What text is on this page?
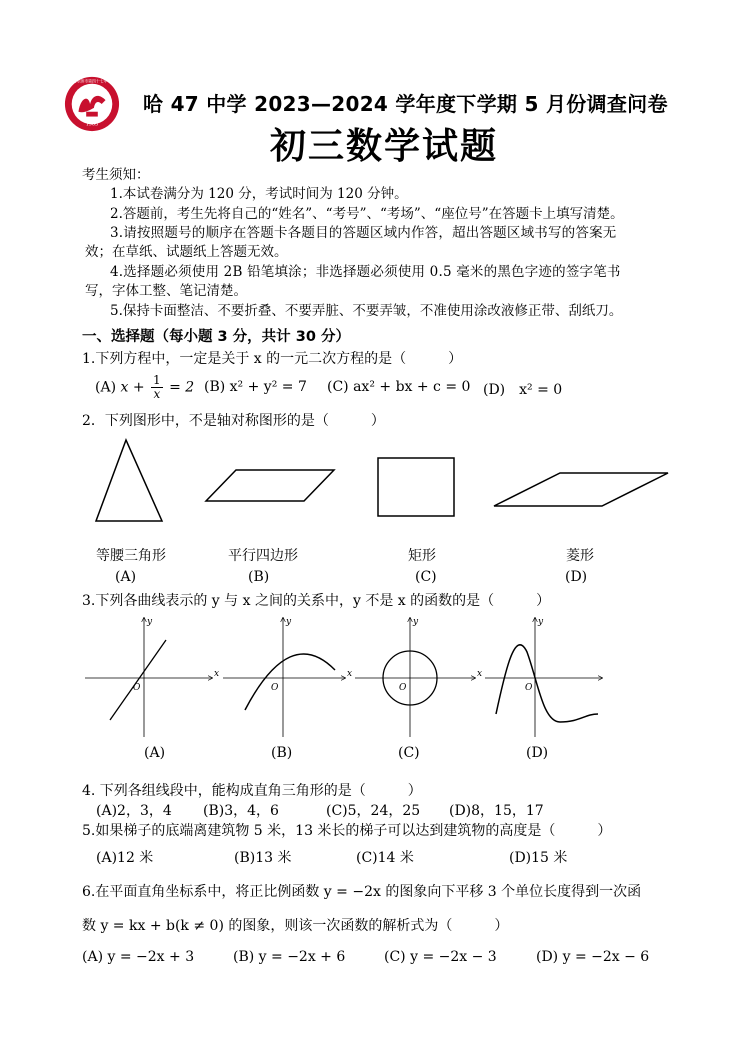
1965
哈尔滨市第四十七中学
哈 47 中学 2023—2024 学年度下学期 5 月份调查问卷
初三数学试题
考生须知：
1.本试卷满分为 120 分，考试时间为 120 分钟。
2.答题前，考生先将自己的“姓名”、“考号”、“考场”、“座位号”在答题卡上填写清楚。
3.请按照题号的顺序在答题卡各题目的答题区域内作答，超出答题区域书写的答案无
效；在草纸、试题纸上答题无效。
4.选择题必须使用 2B 铅笔填涂；非选择题必须使用 0.5 毫米的黑色字迹的签字笔书
写，字体工整、笔记清楚。
5.保持卡面整洁、不要折叠、不要弄脏、不要弄皱，不准使用涂改液修正带、刮纸刀。
一、选择题（每小题 3 分，共计 30 分）
1.下列方程中，一定是关于 x 的一元二次方程的是（　　　）
(A) $x + \frac{1}{x} = 2$ (B) x² + y² = 7 (C) ax² + bx + c = 0 (D)　x² = 0
2．下列图形中，不是轴对称图形的是（　　　）
等腰三角形	平行四边形	矩形	菱形
(A)	(B)	(C)	(D)
3.下列各曲线表示的 y 与 x 之间的关系中，y 不是 x 的函数的是（　　　）
x
y
O
x
y
O
x
y
O
y
O
(A)	(B)	(C)	(D)
4. 下列各组线段中，能构成直角三角形的是（　　　）
(A)2，3，4 (B)3，4，6	(C)5，24，25 (D)8，15，17
5.如果梯子的底端离建筑物 5 米，13 米长的梯子可以达到建筑物的高度是（　　　）
(A)12 米	(B)13 米	(C)14 米	(D)15 米
6.在平面直角坐标系中，将正比例函数 y = −2x 的图象向下平移 3 个单位长度得到一次函
数 y = kx + b(k ≠ 0) 的图象，则该一次函数的解析式为（　　　）
(A) y = −2x + 3	(B) y = −2x + 6	(C) y = −2x − 3	(D) y = −2x − 6
